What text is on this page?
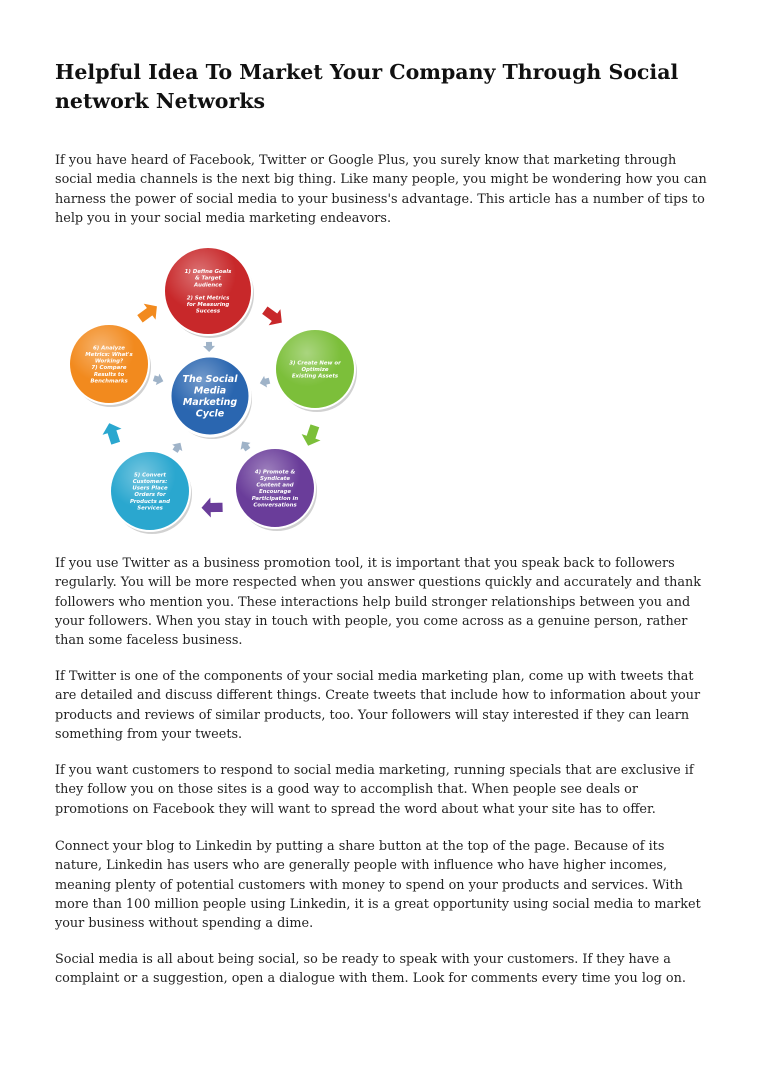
Helpful Idea To Market Your Company Through Social
network Networks

If you have heard of Facebook, Twitter or Google Plus, you surely know that marketing through social media channels is the next big thing. Like many people, you might be wondering how you can harness the power of social media to your business's advantage. This article has a number of tips to help you in your social media marketing endeavors.

1) Define Goals
& Target
Audience
2) Set Metrics
for Measuring
Success
3) Create New or
Optimize
Existing Assets
4) Promote &
Syndicate
Content and
Encourage
Participation in
Conversations
5) Convert
Customers:
Users Place
Orders for
Products and
Services
6) Analyze
Metrics: What's
Working?
7) Compare
Results to
Benchmarks	The Social
Media
Marketing
Cycle

If you use Twitter as a business promotion tool, it is important that you speak back to followers regularly. You will be more respected when you answer questions quickly and accurately and thank followers who mention you. These interactions help build stronger relationships between you and your followers. When you stay in touch with people, you come across as a genuine person, rather than some faceless business.

If Twitter is one of the components of your social media marketing plan, come up with tweets that are detailed and discuss different things. Create tweets that include how to information about your products and reviews of similar products, too. Your followers will stay interested if they can learn something from your tweets.

If you want customers to respond to social media marketing, running specials that are exclusive if they follow you on those sites is a good way to accomplish that. When people see deals or promotions on Facebook they will want to spread the word about what your site has to offer.

Connect your blog to Linkedin by putting a share button at the top of the page. Because of its nature, Linkedin has users who are generally people with influence who have higher incomes, meaning plenty of potential customers with money to spend on your products and services. With more than 100 million people using Linkedin, it is a great opportunity using social media to market your business without spending a dime.

Social media is all about being social, so be ready to speak with your customers. If they have a complaint or a suggestion, open a dialogue with them. Look for comments every time you log on.
